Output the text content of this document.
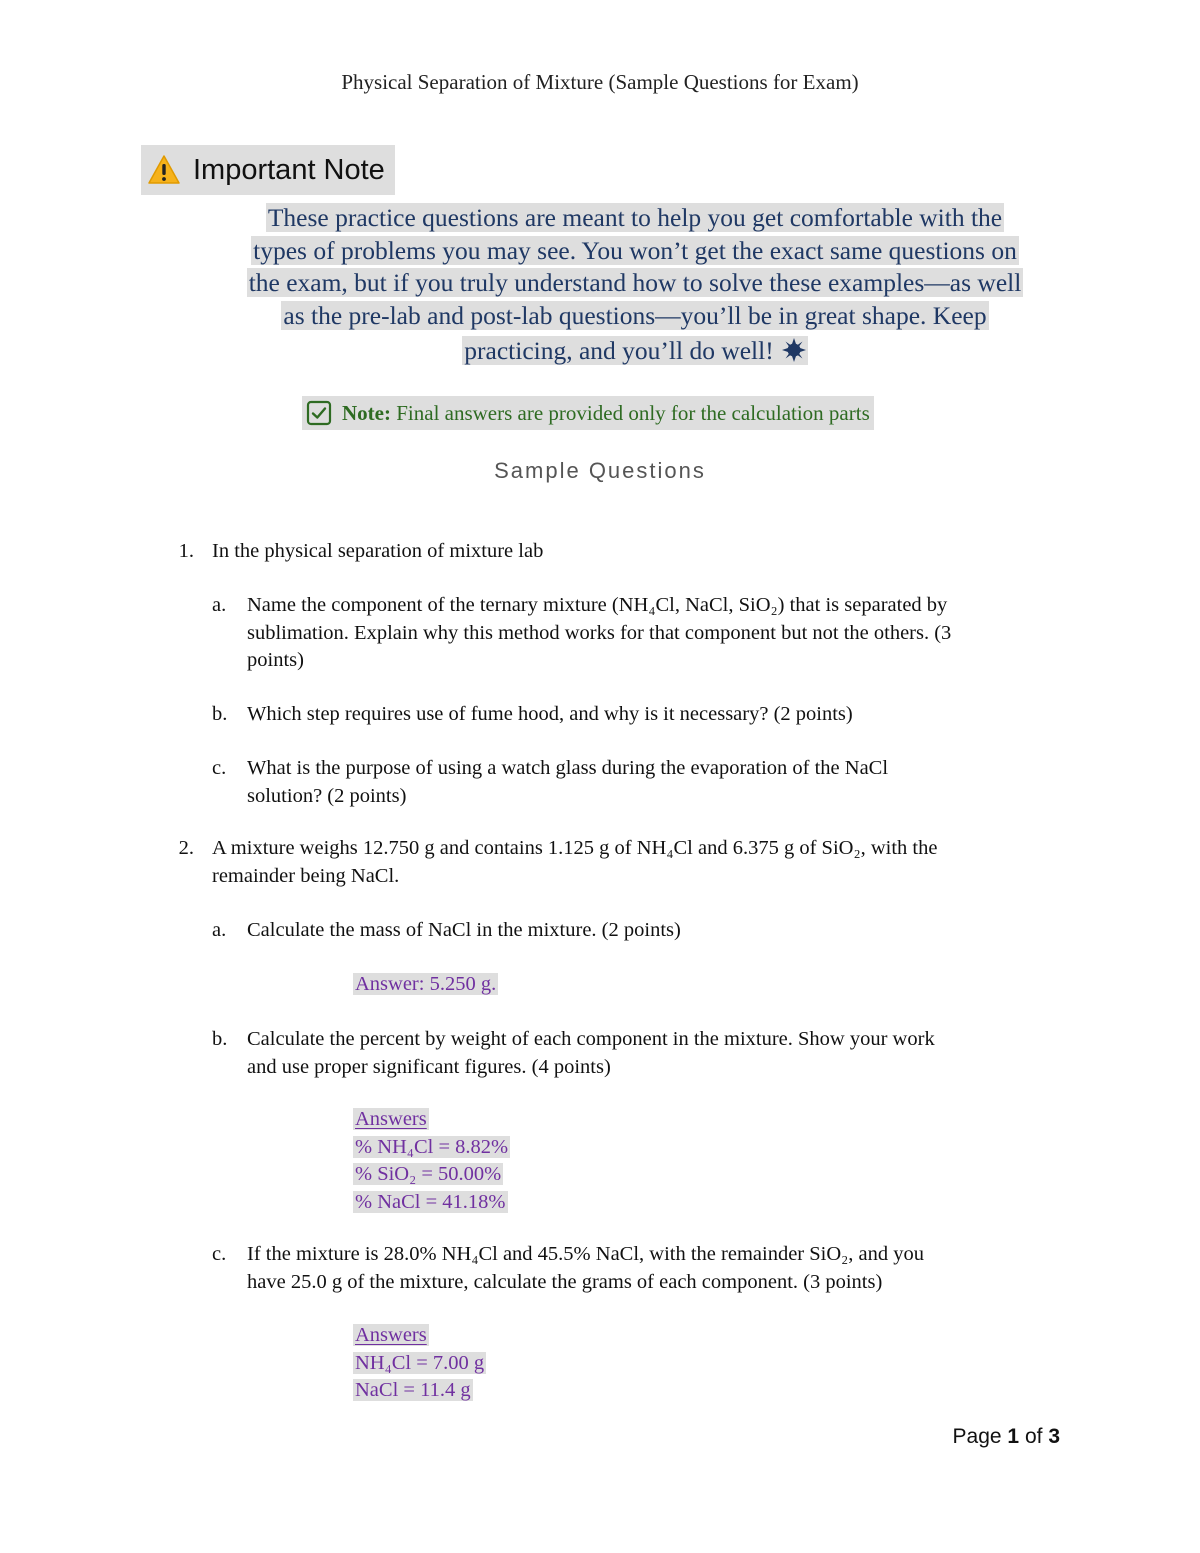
Physical Separation of Mixture (Sample Questions for Exam)
Important Note
These practice questions are meant to help you get comfortable with the
types of problems you may see. You won’t get the exact same questions on
the exam, but if you truly understand how to solve these examples—as well
as the pre-lab and post-lab questions—you’ll be in great shape. Keep
practicing, and you’ll do well!
Note: Final answers are provided only for the calculation parts
Sample Questions
1. In the physical separation of mixture lab
a. Name the component of the ternary mixture (NH₄Cl, NaCl, SiO₂) that is separated by
sublimation. Explain why this method works for that component but not the others. (3
points)
b. Which step requires use of fume hood, and why is it necessary? (2 points)
c. What is the purpose of using a watch glass during the evaporation of the NaCl
solution? (2 points)
2. A mixture weighs 12.750 g and contains 1.125 g of NH₄Cl and 6.375 g of SiO₂, with the
remainder being NaCl.
a. Calculate the mass of NaCl in the mixture. (2 points)
Answer: 5.250 g.
b. Calculate the percent by weight of each component in the mixture. Show your work
and use proper significant figures. (4 points)
Answers
% NH₄Cl = 8.82%
% SiO₂ = 50.00%
% NaCl = 41.18%
c. If the mixture is 28.0% NH₄Cl and 45.5% NaCl, with the remainder SiO₂, and you
have 25.0 g of the mixture, calculate the grams of each component. (3 points)
Answers
NH₄Cl = 7.00 g
NaCl = 11.4 g
Page 1 of 3
